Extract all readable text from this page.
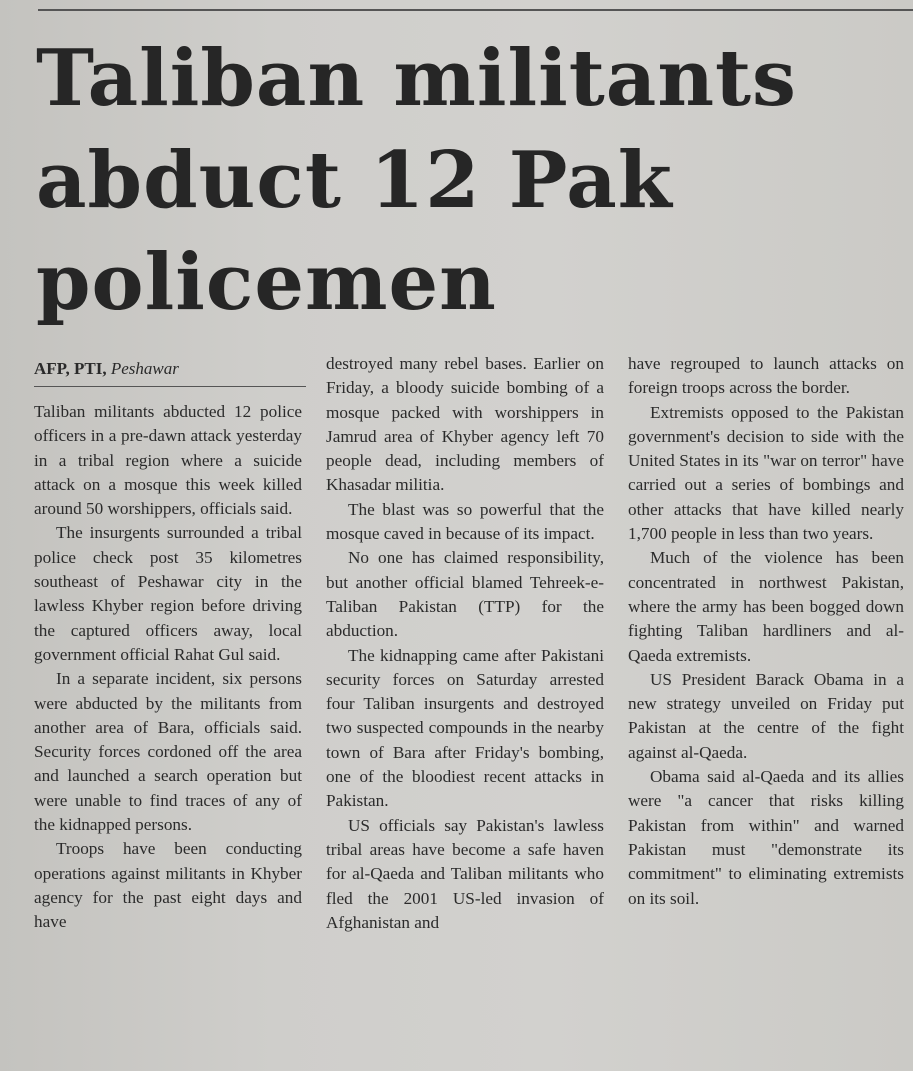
Taliban militants
abduct 12 Pak
policemen
AFP, PTI, Peshawar

Taliban militants abducted 12 police officers in a pre-dawn attack yesterday in a tribal region where a suicide attack on a mosque this week killed around 50 worshippers, officials said.

The insurgents surrounded a tribal police check post 35 kilometres southeast of Peshawar city in the lawless Khyber region before driving the captured officers away, local government official Rahat Gul said.

In a separate incident, six persons were abducted by the militants from another area of Bara, officials said. Security forces cordoned off the area and launched a search operation but were unable to find traces of any of the kidnapped persons.

Troops have been conducting operations against militants in Khyber agency for the past eight days and have

destroyed many rebel bases. Earlier on Friday, a bloody suicide bombing of a mosque packed with worshippers in Jamrud area of Khyber agency left 70 people dead, including members of Khasadar militia.

The blast was so powerful that the mosque caved in because of its impact.

No one has claimed responsibility, but another official blamed Tehreek-e-Taliban Pakistan (TTP) for the abduction.

The kidnapping came after Pakistani security forces on Saturday arrested four Taliban insurgents and destroyed two suspected compounds in the nearby town of Bara after Friday's bombing, one of the bloodiest recent attacks in Pakistan.

US officials say Pakistan's lawless tribal areas have become a safe haven for al-Qaeda and Taliban militants who fled the 2001 US-led invasion of Afghanistan and

have regrouped to launch attacks on foreign troops across the border.

Extremists opposed to the Pakistan government's decision to side with the United States in its "war on terror" have carried out a series of bombings and other attacks that have killed nearly 1,700 people in less than two years.

Much of the violence has been concentrated in northwest Pakistan, where the army has been bogged down fighting Taliban hardliners and al-Qaeda extremists.

US President Barack Obama in a new strategy unveiled on Friday put Pakistan at the centre of the fight against al-Qaeda.

Obama said al-Qaeda and its allies were "a cancer that risks killing Pakistan from within" and warned Pakistan must "demonstrate its commitment" to eliminating extremists on its soil.
